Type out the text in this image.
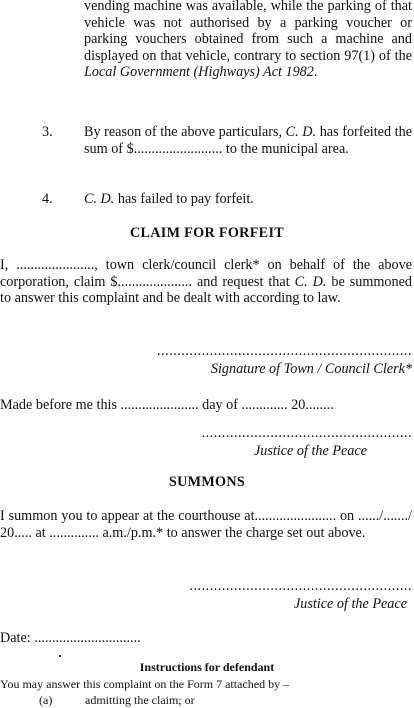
vending machine was available, while the parking of that vehicle was not authorised by a parking voucher or parking vouchers obtained from such a machine and displayed on that vehicle, contrary to section 97(1) of the Local Government (Highways) Act 1982.
3. By reason of the above particulars, C. D. has forfeited the sum of $......................... to the municipal area.
4. C. D. has failed to pay forfeit.
CLAIM FOR FORFEIT
I, ......................, town clerk/council clerk* on behalf of the above corporation, claim $..................... and request that C. D. be summoned to answer this complaint and be dealt with according to law.
...............................................................
Signature of Town / Council Clerk*
Made before me this ...................... day of ............. 20........
....................................................
Justice of the Peace
SUMMONS
I summon you to appear at the courthouse at....................... on ....../......./ 20..... at .............. a.m./p.m.* to answer the charge set out above.
.......................................................
Justice of the Peace
Date: ..............................
Instructions for defendant
You may answer this complaint on the Form 7 attached by –
(a)	admitting the claim; or
